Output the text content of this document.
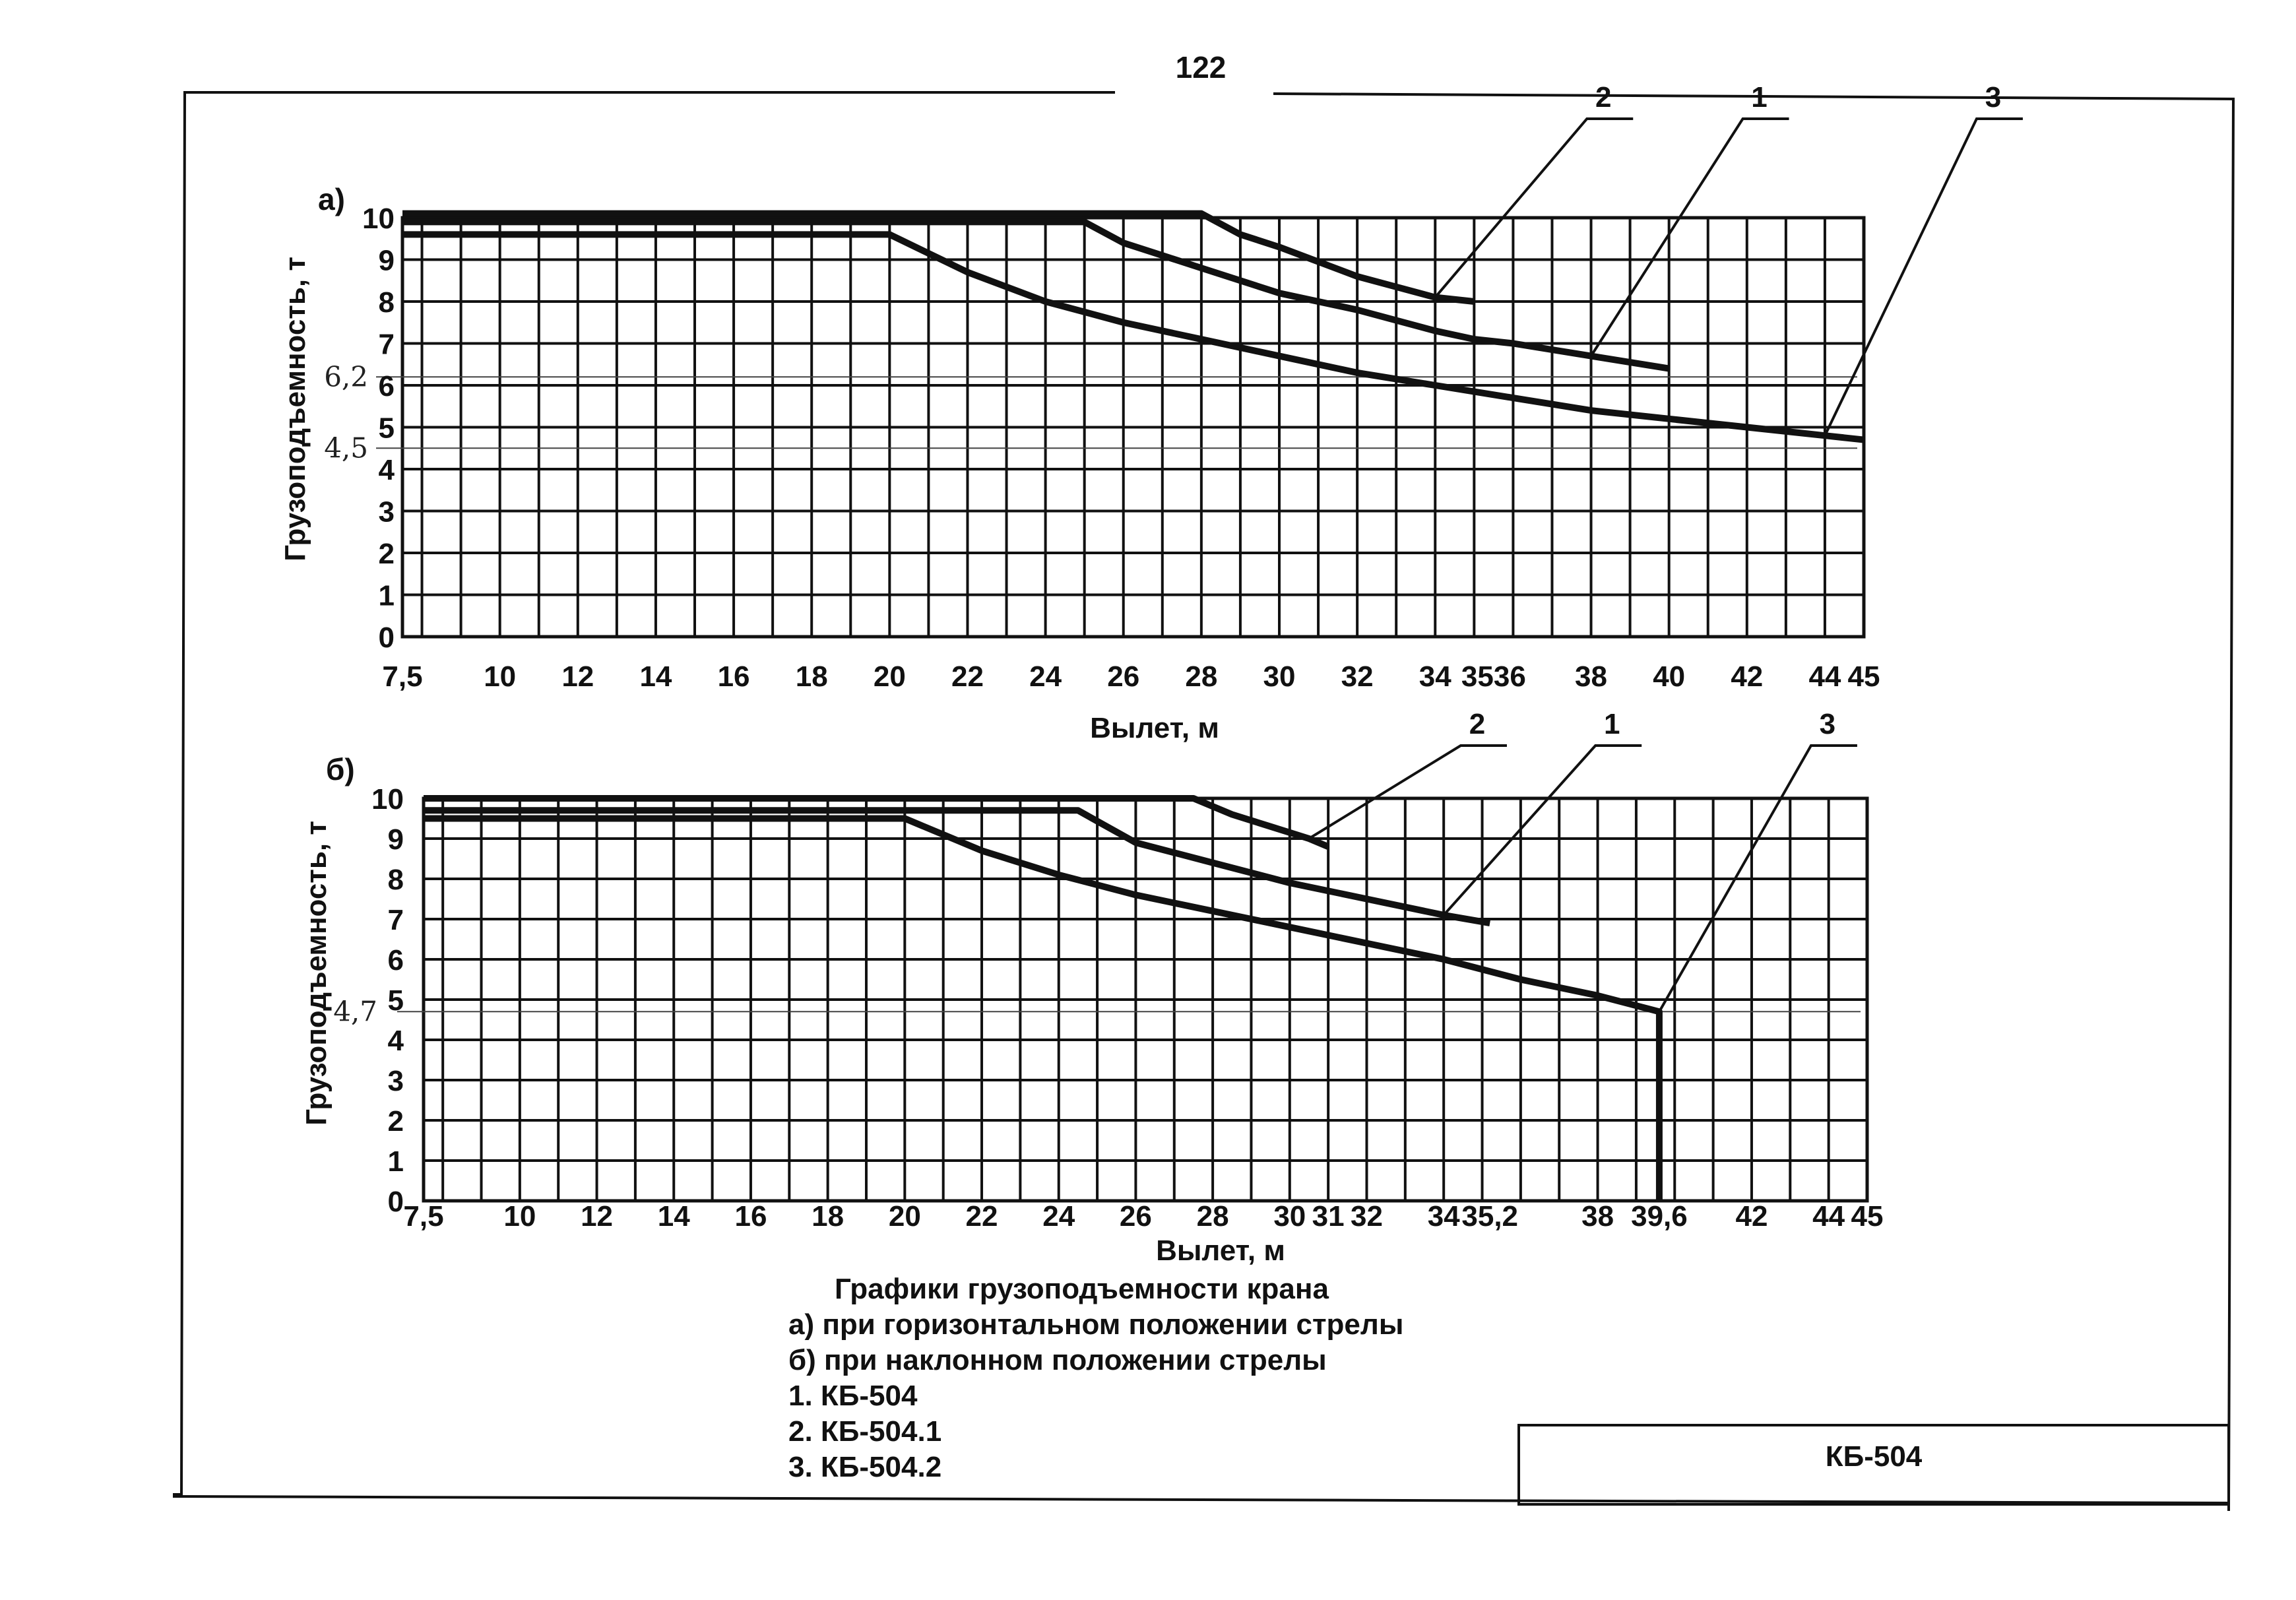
122
КБ-504
1
2	3
7,5 10 12 14 16 18 20 22 24 26 28 30 32 34 3536 38 40 42 44 45
0
1
2
3
4
5
6
7
8
9
10
6,2
4,5
а)
Грузоподъемность, т
Вылет, м	1
2	3
7,5 10 12 14 16 18 20 22 24 26 28 30 31 32 34 35,2 38 39,6 42 44 45
0
1
2
3
4
5
6
7
8
9
10
4,7
б)
Грузоподъемность, т
Вылет, м
Графики грузоподъемности крана
а) при горизонтальном положении стрелы
б) при наклонном положении стрелы
1. КБ-504
2. КБ-504.1
3. КБ-504.2
